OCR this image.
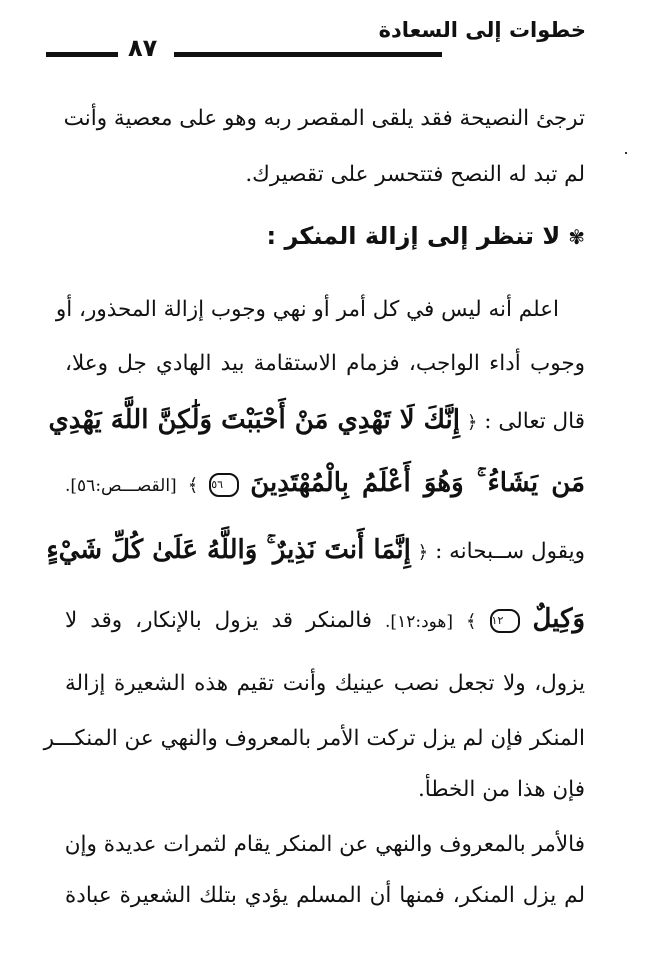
خطوات إلى السعادة
٨٧
ترجئ النصيحة فقد يلقى المقصر ربه وهو على معصية وأنت
لم تبد له النصح فتتحسر على تقصيرك.
✾لا تنظر إلى إزالة المنكر :
اعلم أنه ليس في كل أمر أو نهي وجوب إزالة المحذور، أو
وجوب أداء الواجب، فزمام الاستقامة بيد الهادي جل وعلا،
قال تعالى : ﴿ إِنَّكَ لَا تَهْدِي مَنْ أَحْبَبْتَ وَلَٰكِنَّ اللَّهَ يَهْدِي
مَن يَشَاءُ ۚ وَهُوَ أَعْلَمُ بِالْمُهْتَدِينَ ٥٦ ﴾ [القصـــص:٥٦].
ويقول ســبحانه : ﴿ إِنَّمَا أَنتَ نَذِيرٌ ۚ وَاللَّهُ عَلَىٰ كُلِّ شَيْءٍ
وَكِيلٌ ١٢ ﴾ [هود:١٢]. فالمنكر قد يزول بالإنكار، وقد لا
يزول، ولا تجعل نصب عينيك وأنت تقيم هذه الشعيرة إزالة
المنكر فإن لم يزل تركت الأمر بالمعروف والنهي عن المنكـــر
فإن هذا من الخطأ.
فالأمر بالمعروف والنهي عن المنكر يقام لثمرات عديدة وإن
لم يزل المنكر، فمنها أن المسلم يؤدي بتلك الشعيرة عبادة
